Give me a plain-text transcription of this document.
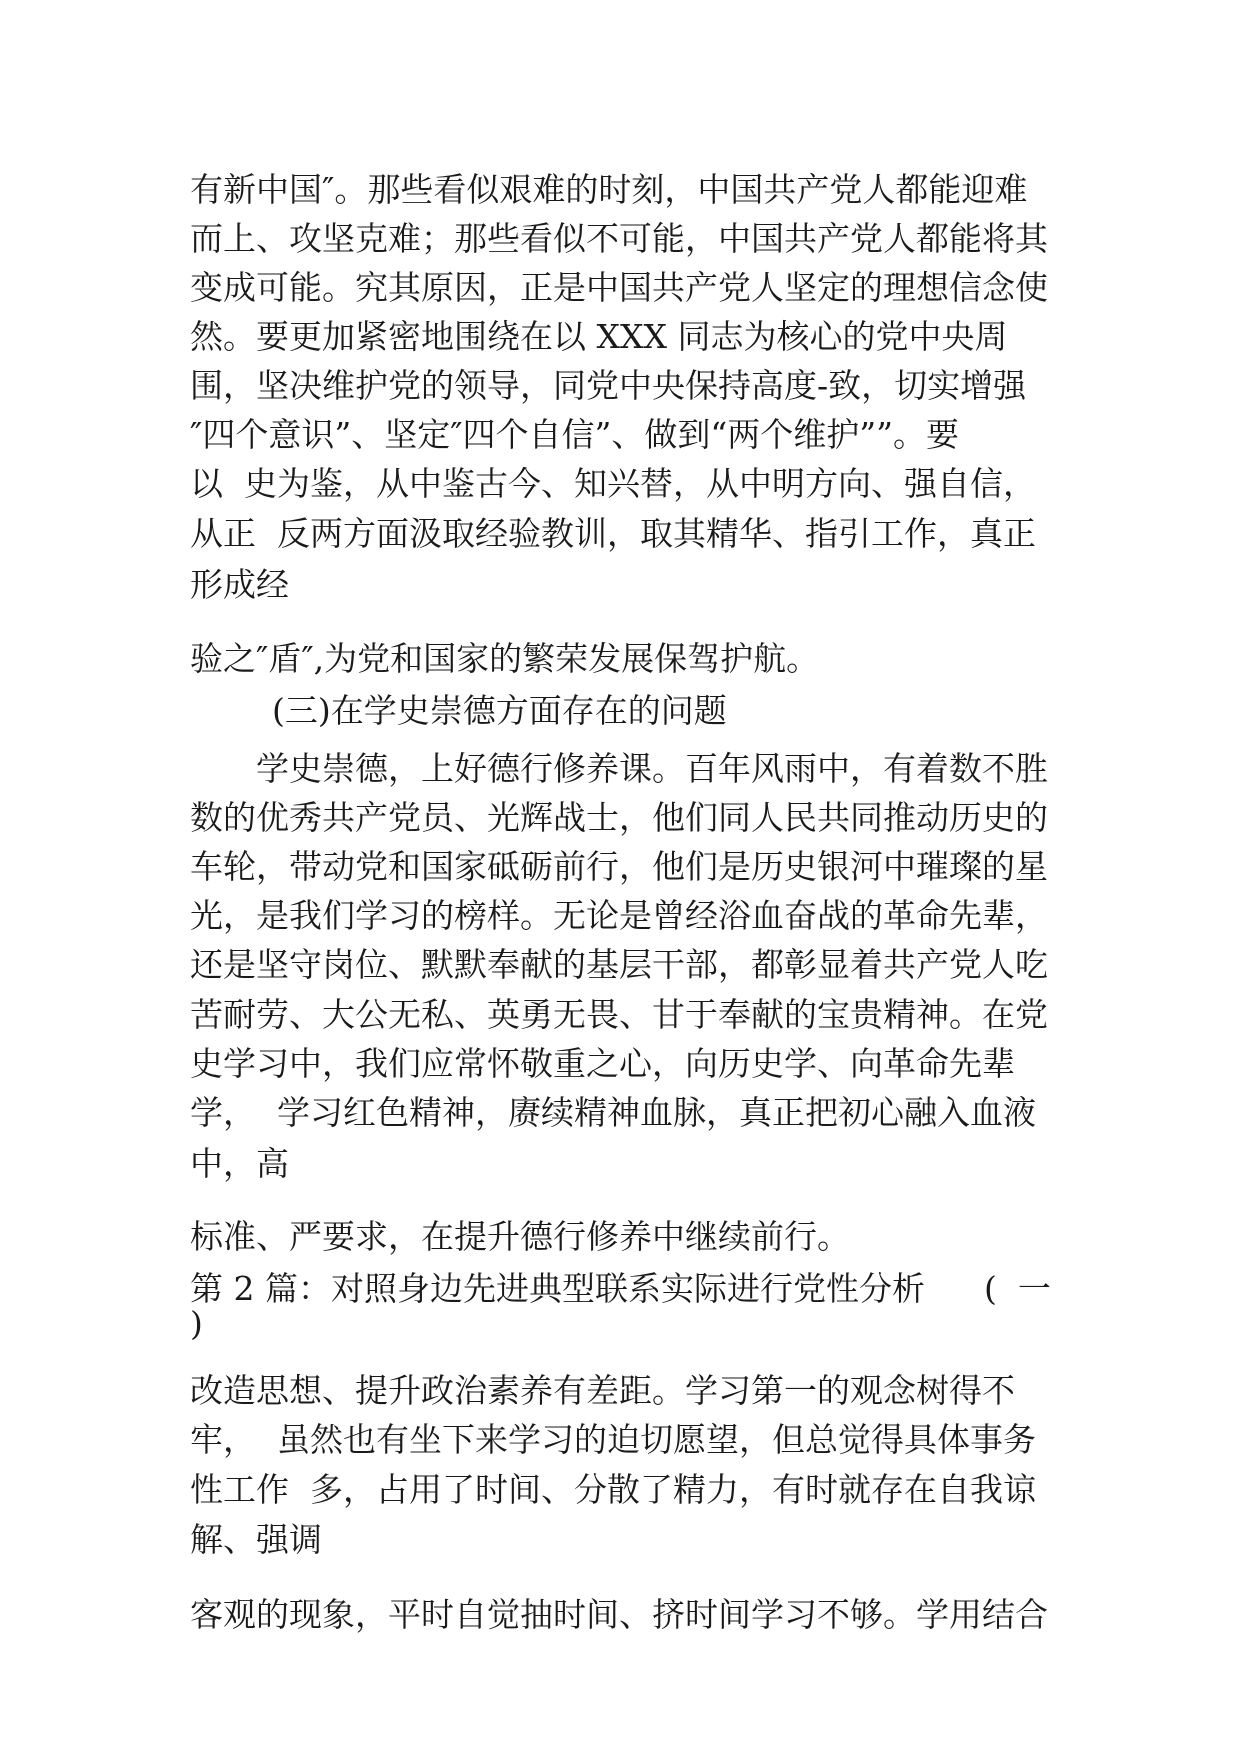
有新中国″。那些看似艰难的时刻，中国共产党人都能迎难
而上、攻坚克难；那些看似不可能，中国共产党人都能将其
变成可能。究其原因，正是中国共产党人坚定的理想信念使
然。要更加紧密地围绕在以 XXX 同志为核心的党中央周
围，坚决维护党的领导，同党中央保持高度-致，切实增强
″四个意识”、坚定″四个自信”、做到“两个维护””。要
以  史为鉴，从中鉴古今、知兴替，从中明方向、强自信，
从正  反两方面汲取经验教训，取其精华、指引工作，真正
形成经
验之″盾″,为党和国家的繁荣发展保驾护航。
(三)在学史崇德方面存在的问题
学史崇德，上好德行修养课。百年风雨中，有着数不胜
数的优秀共产党员、光辉战士，他们同人民共同推动历史的
车轮，带动党和国家砥砺前行，他们是历史银河中璀璨的星
光，是我们学习的榜样。无论是曾经浴血奋战的革命先辈，
还是坚守岗位、默默奉献的基层干部，都彰显着共产党人吃
苦耐劳、大公无私、英勇无畏、甘于奉献的宝贵精神。在党
史学习中，我们应常怀敬重之心，向历史学、向革命先辈
学，  学习红色精神，赓续精神血脉，真正把初心融入血液
中，高
标准、严要求，在提升德行修养中继续前行。
第 2 篇：对照身边先进典型联系实际进行党性分析 (  一
)
改造思想、提升政治素养有差距。学习第一的观念树得不
牢，  虽然也有坐下来学习的迫切愿望，但总觉得具体事务
性工作  多，占用了时间、分散了精力，有时就存在自我谅
解、强调
客观的现象，平时自觉抽时间、挤时间学习不够。学用结合
